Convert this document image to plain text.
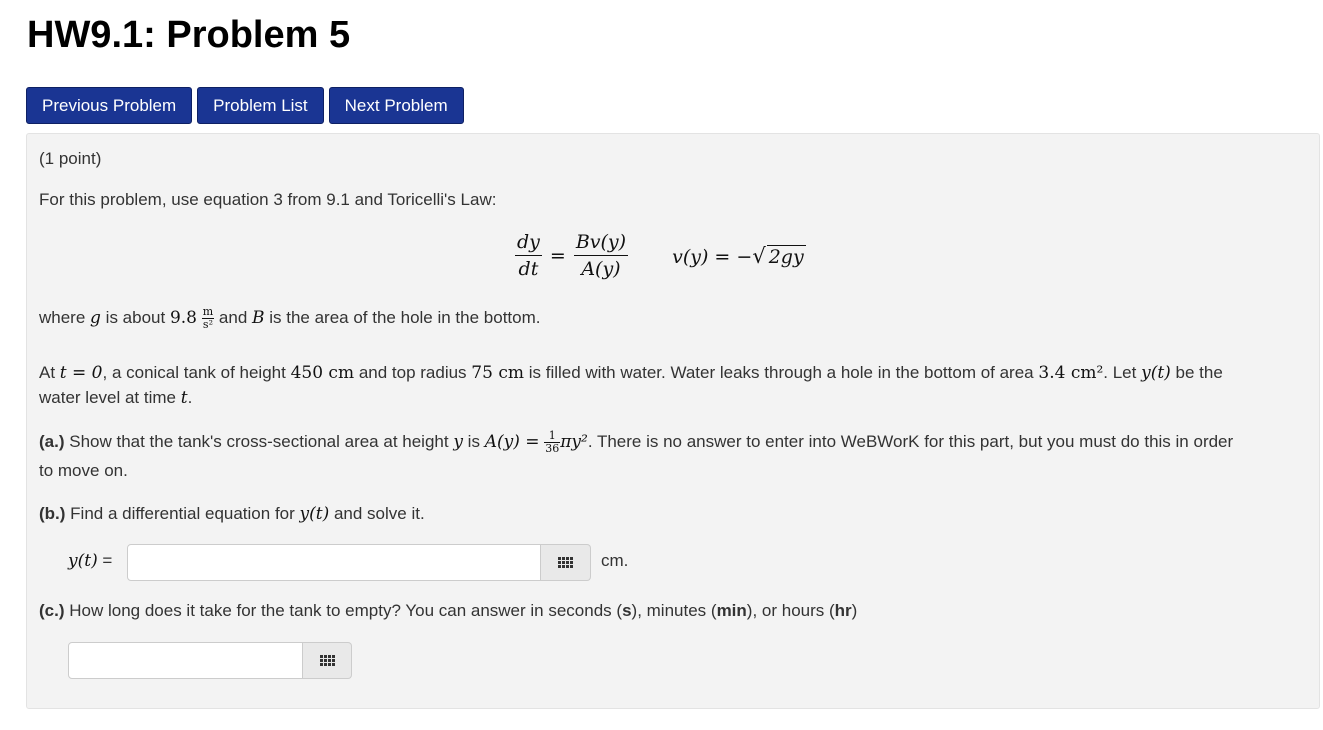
HW9.1: Problem 5
Previous Problem	Problem List	Next Problem
(1 point)
For this problem, use equation 3 from 9.1 and Toricelli's Law:
$\frac{dy}{dt} = \frac{Bv(y)}{A(y)} v(y)$ = −√ 2gy
where g is about $9.8 \frac{m}{\text{s²}}$ and B is the area of the hole in the bottom.
At t = 0, a conical tank of height 450 cm and top radius 75 cm is filled with water. Water leaks through a hole in the bottom of area 3.4 cm². Let y(t) be the
water level at time t.
(a.) Show that the tank's cross-sectional area at height y is $A(y) = \frac{1}{36} \pi y^2$. There is no answer to enter into WeBWorK for this part, but you must do this in order
to move on.
(b.) Find a differential equation for y(t) and solve it.
y(t) =	cm.
(c.) How long does it take for the tank to empty? You can answer in seconds (s), minutes (min), or hours (hr)
